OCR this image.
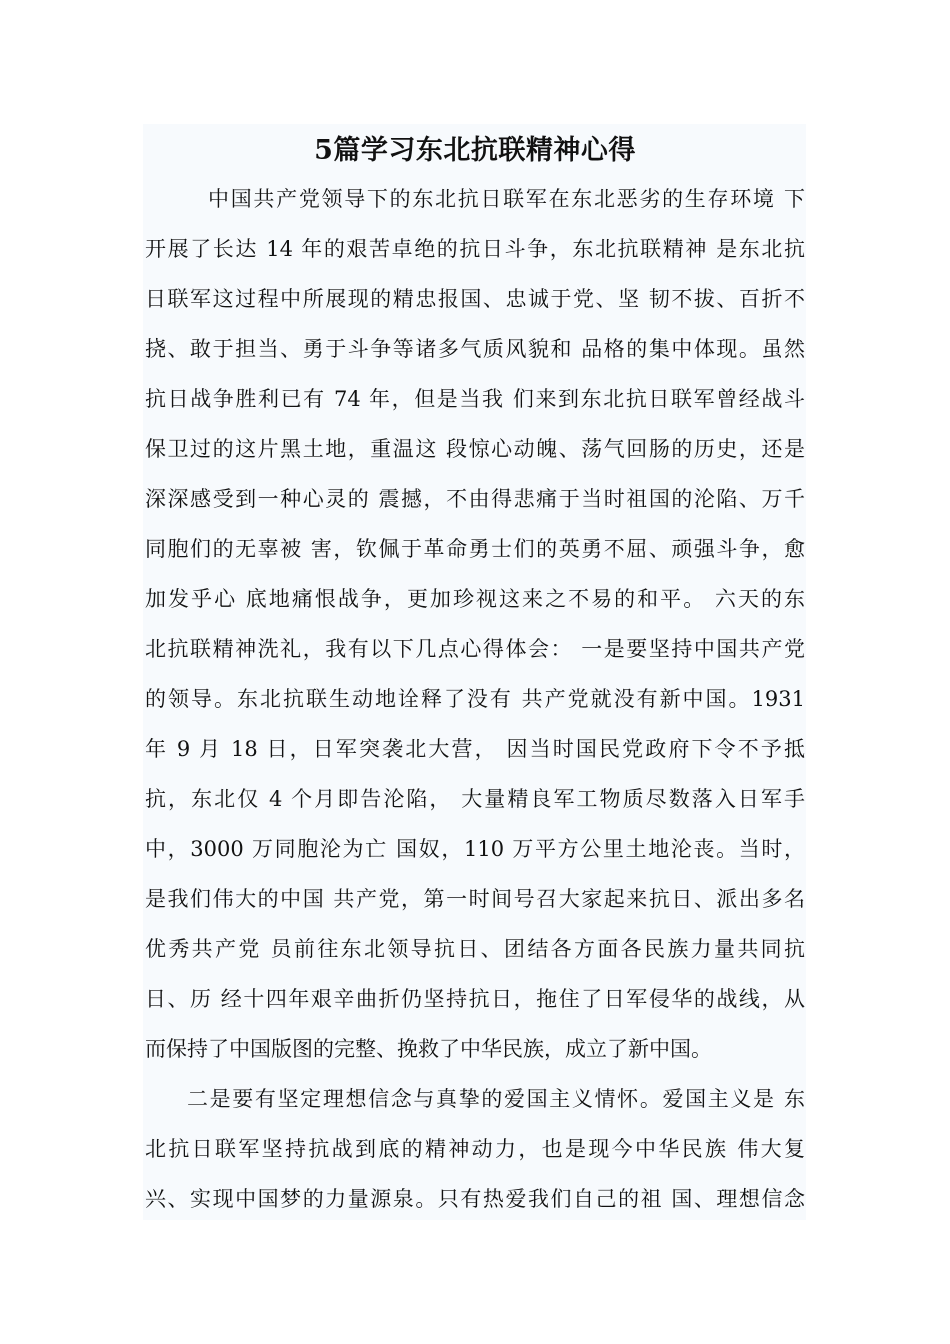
5篇学习东北抗联精神心得
中国共产党领导下的东北抗日联军在东北恶劣的生存环境 下
开展了长达 14 年的艰苦卓绝的抗日斗争，东北抗联精神 是东北抗
日联军这过程中所展现的精忠报国、忠诚于党、坚 韧不拔、百折不
挠、敢于担当、勇于斗争等诸多气质风貌和 品格的集中体现。虽然
抗日战争胜利已有 74 年，但是当我 们来到东北抗日联军曾经战斗
保卫过的这片黑土地，重温这 段惊心动魄、荡气回肠的历史，还是
深深感受到一种心灵的 震撼，不由得悲痛于当时祖国的沦陷、万千
同胞们的无辜被 害，钦佩于革命勇士们的英勇不屈、顽强斗争，愈
加发乎心 底地痛恨战争，更加珍视这来之不易的和平。 六天的东
北抗联精神洗礼，我有以下几点心得体会： 一是要坚持中国共产党
的领导。东北抗联生动地诠释了没有 共产党就没有新中国。1931
年 9 月 18 日，日军突袭北大营， 因当时国民党政府下令不予抵
抗，东北仅 4 个月即告沦陷， 大量精良军工物质尽数落入日军手
中，3000 万同胞沦为亡 国奴，110 万平方公里土地沦丧。当时，
是我们伟大的中国 共产党，第一时间号召大家起来抗日、派出多名
优秀共产党 员前往东北领导抗日、团结各方面各民族力量共同抗
日、历 经十四年艰辛曲折仍坚持抗日，拖住了日军侵华的战线，从
而保持了中国版图的完整、挽救了中华民族，成立了新中国。
二是要有坚定理想信念与真挚的爱国主义情怀。爱国主义是 东
北抗日联军坚持抗战到底的精神动力，也是现今中华民族 伟大复
兴、实现中国梦的力量源泉。只有热爱我们自己的祖 国、理想信念
